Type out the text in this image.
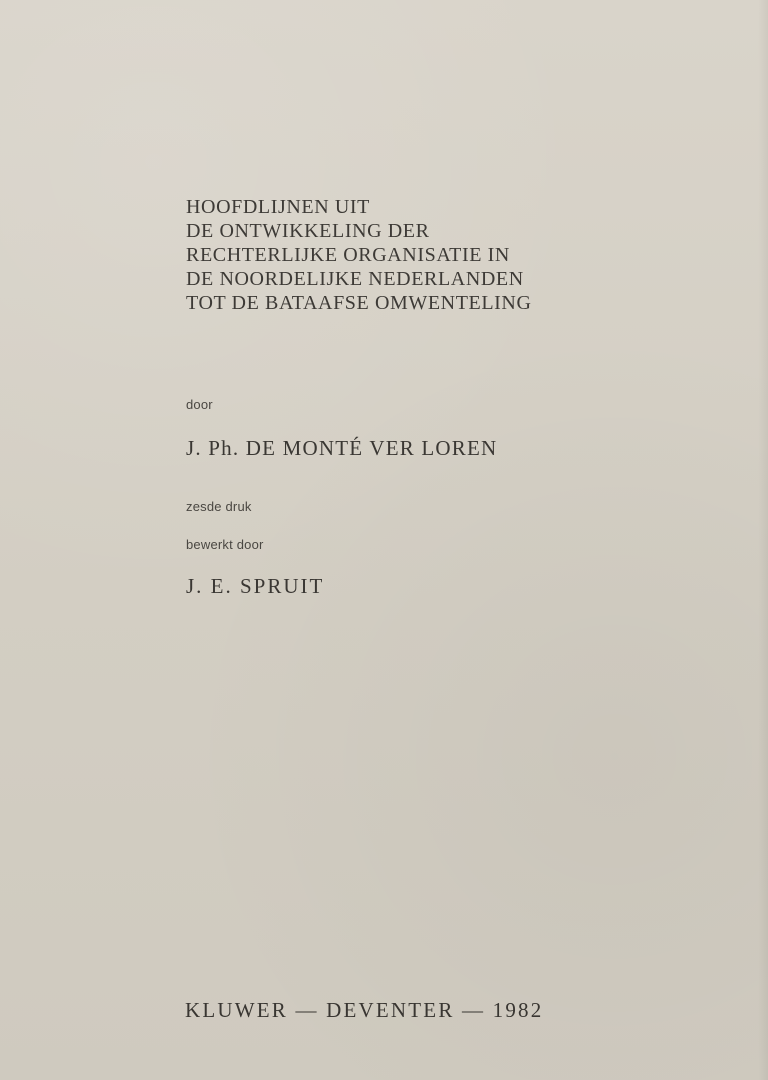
HOOFDLIJNEN UIT
DE ONTWIKKELING DER
RECHTERLIJKE ORGANISATIE IN
DE NOORDELIJKE NEDERLANDEN
TOT DE BATAAFSE OMWENTELING
door
J. Ph. DE MONTÉ VER LOREN
zesde druk
bewerkt door
J. E. SPRUIT
KLUWER — DEVENTER — 1982
